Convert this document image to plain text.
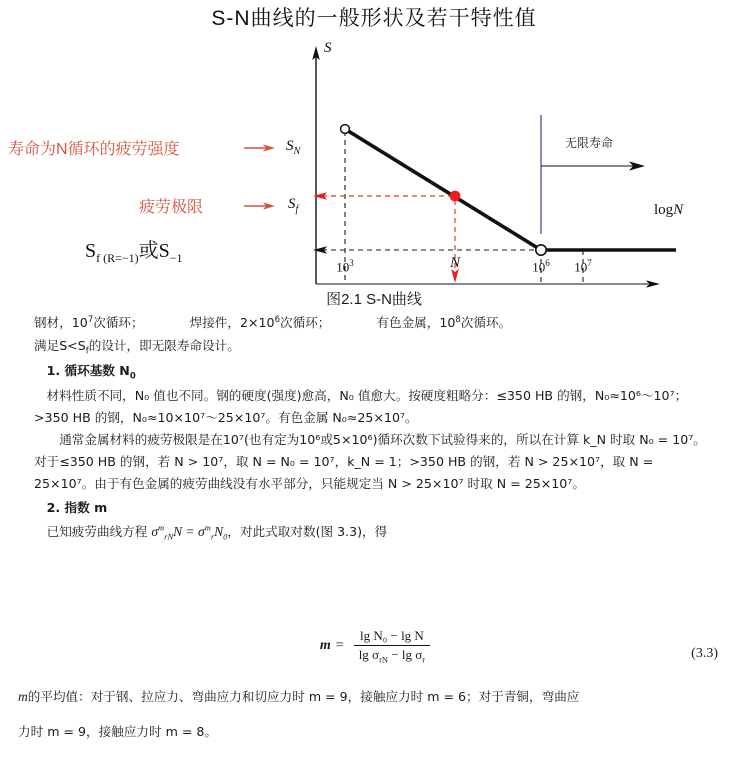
S-N曲线的一般形状及若干特性值
S
logN
$S_N$
$S_f$
$10^3$	N	$10^6$	$10^7$
无限寿命
寿命为N循环的疲劳强度
疲劳极限
$S_{f (R=-1)}$或$S_{-1}$
图2.1 S-N曲线

钢材，$10^7$次循环；	焊接件，$2\times 10^6$次循环；	有色金属，$10^8$次循环。

满足$S<S_f$的设计，即无限寿命设计。

1. 循环基数 $N_0$

材料性质不同，N₀ 值也不同。钢的硬度(强度)愈高，N₀ 值愈大。按硬度粗略分：≤350 HB 的钢，N₀≈10⁶～10⁷；>350 HB 的钢，N₀≈10×10⁷～25×10⁷。有色金属 N₀≈25×10⁷。

通常金属材料的疲劳极限是在10⁷(也有定为10⁶或5×10⁶)循环次数下试验得来的，所以在计算 k_N 时取 N₀ = 10⁷。对于≤350 HB 的钢，若 N > 10⁷，取 N = N₀ = 10⁷，k_N = 1；>350 HB 的钢，若 N > 25×10⁷，取 N = 25×10⁷。由于有色金属的疲劳曲线没有水平部分，只能规定当 N > 25×10⁷ 时取 N = 25×10⁷。

2. 指数 m

已知疲劳曲线方程 $\sigma^m_{rN}N = \sigma^m_rN_0$，对此式取对数(图 3.3)，得

$m = \frac{\text{lg N₀ − lg N}}{\lg \sigma_{rN} - \lg \sigma_r}$	(3.3)

m的平均值：对于钢、拉应力、弯曲应力和切应力时 m = 9，接触应力时 m = 6；对于青铜，弯曲应

力时 m = 9，接触应力时 m = 8。
